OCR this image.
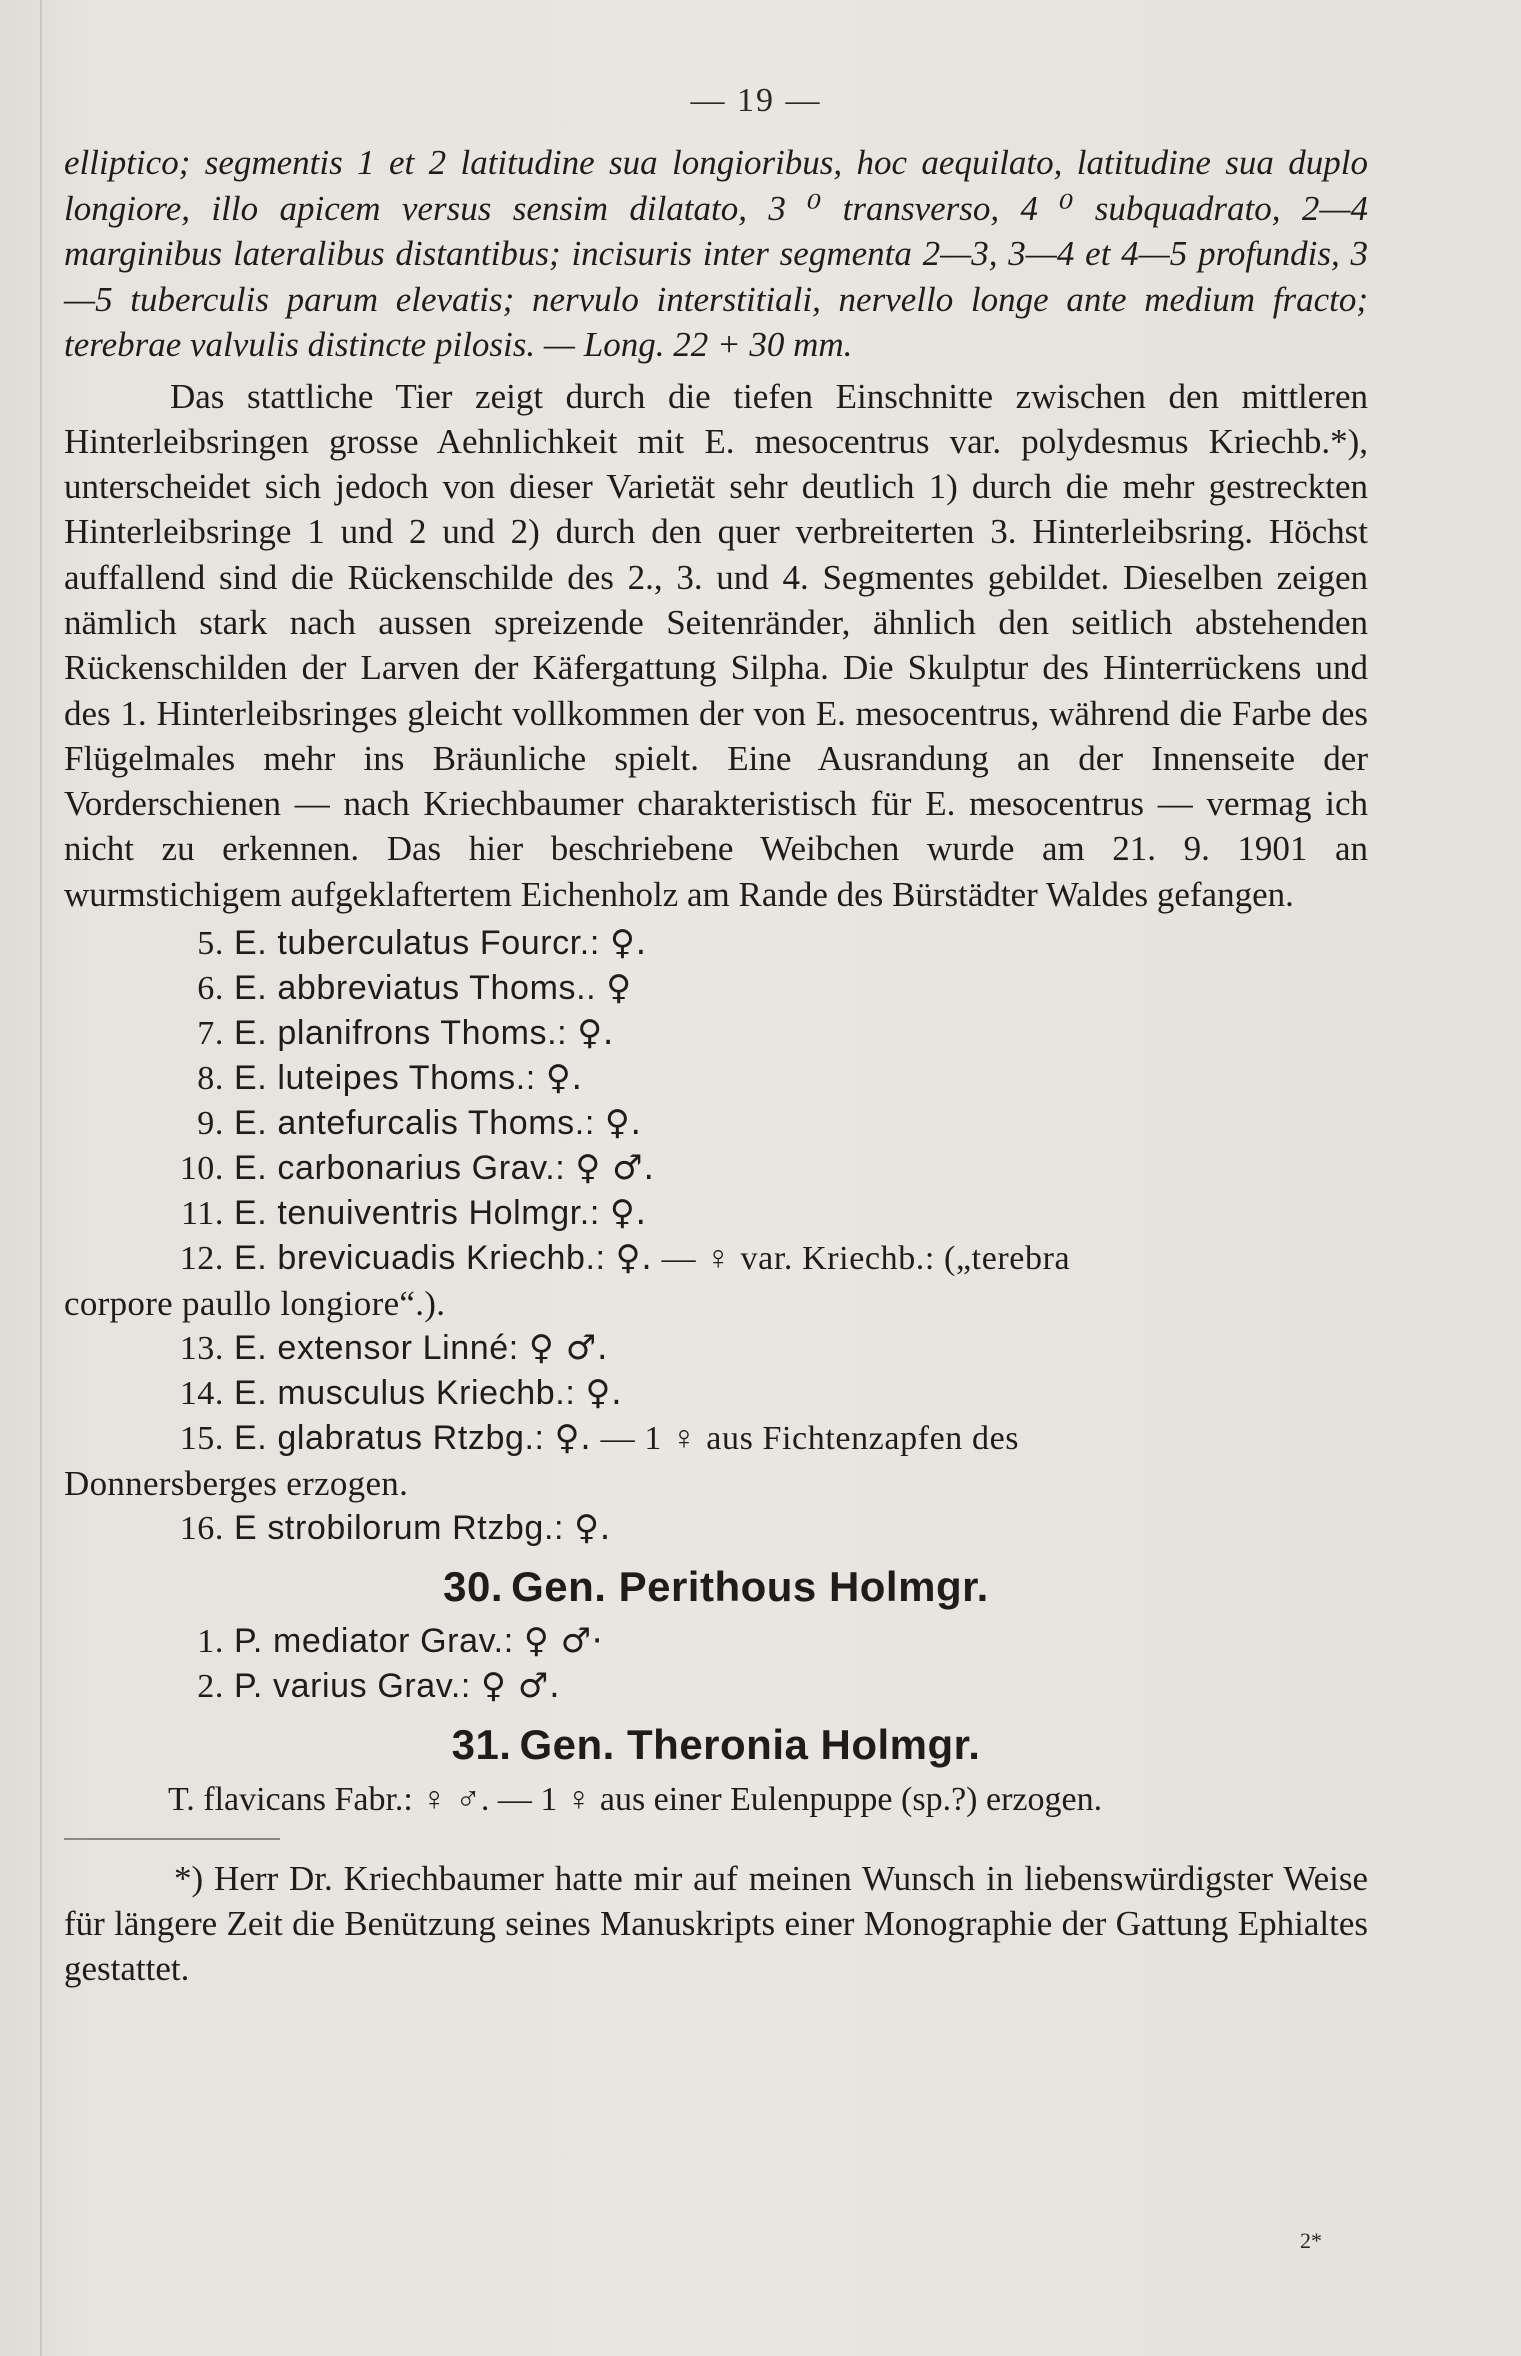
— 19 —

elliptico; segmentis 1 et 2 latitudine sua longioribus, hoc aequilato, latitudine sua duplo longiore, illo apicem versus sensim dilatato, 3 ⁰ transverso, 4 ⁰ subquadrato, 2—4 marginibus lateralibus distantibus; incisuris inter segmenta 2—3, 3—4 et 4—5 profundis, 3—5 tuberculis parum elevatis; nervulo interstitiali, nervello longe ante medium fracto; terebrae valvulis distincte pilosis. — Long. 22 + 30 mm.

Das stattliche Tier zeigt durch die tiefen Einschnitte zwischen den mittleren Hinterleibsringen grosse Aehnlichkeit mit E. mesocentrus var. polydesmus Kriechb.*), unterscheidet sich jedoch von dieser Varietät sehr deutlich 1) durch die mehr gestreckten Hinterleibsringe 1 und 2 und 2) durch den quer verbreiterten 3. Hinterleibsring. Höchst auffallend sind die Rückenschilde des 2., 3. und 4. Segmentes gebildet. Dieselben zeigen nämlich stark nach aussen spreizende Seitenränder, ähnlich den seitlich abstehenden Rückenschilden der Larven der Käfergattung Silpha. Die Skulptur des Hinterrückens und des 1. Hinterleibsringes gleicht vollkommen der von E. mesocentrus, während die Farbe des Flügelmales mehr ins Bräunliche spielt. Eine Ausrandung an der Innenseite der Vorderschienen — nach Kriechbaumer charakteristisch für E. mesocentrus — vermag ich nicht zu erkennen. Das hier beschriebene Weibchen wurde am 21. 9. 1901 an wurmstichigem aufgeklaftertem Eichenholz am Rande des Bürstädter Waldes gefangen.

5. E. tuberculatus Fourcr.: ♀.
6. E. abbreviatus Thoms.. ♀
7. E. planifrons Thoms.: ♀.
8. E. luteipes Thoms.: ♀.
9. E. antefurcalis Thoms.: ♀.
10. E. carbonarius Grav.: ♀ ♂.
11. E. tenuiventris Holmgr.: ♀.
12. E. brevicuadis Kriechb.: ♀. — ♀ var. Kriechb.: („terebra
corpore paullo longiore“.).
13. E. extensor Linné: ♀ ♂.
14. E. musculus Kriechb.: ♀.
15. E. glabratus Rtzbg.: ♀. — 1 ♀ aus Fichtenzapfen des
Donnersberges erzogen.
16. E strobilorum Rtzbg.: ♀.
30. Gen. Perithous Holmgr.
1. P. mediator Grav.: ♀ ♂·
2. P. varius Grav.: ♀ ♂.
31. Gen. Theronia Holmgr.
T. flavicans Fabr.: ♀ ♂. — 1 ♀ aus einer Eulenpuppe (sp.?) erzogen.

*) Herr Dr. Kriechbaumer hatte mir auf meinen Wunsch in liebenswürdigster Weise für längere Zeit die Benützung seines Manuskripts einer Monographie der Gattung Ephialtes gestattet.

2*
